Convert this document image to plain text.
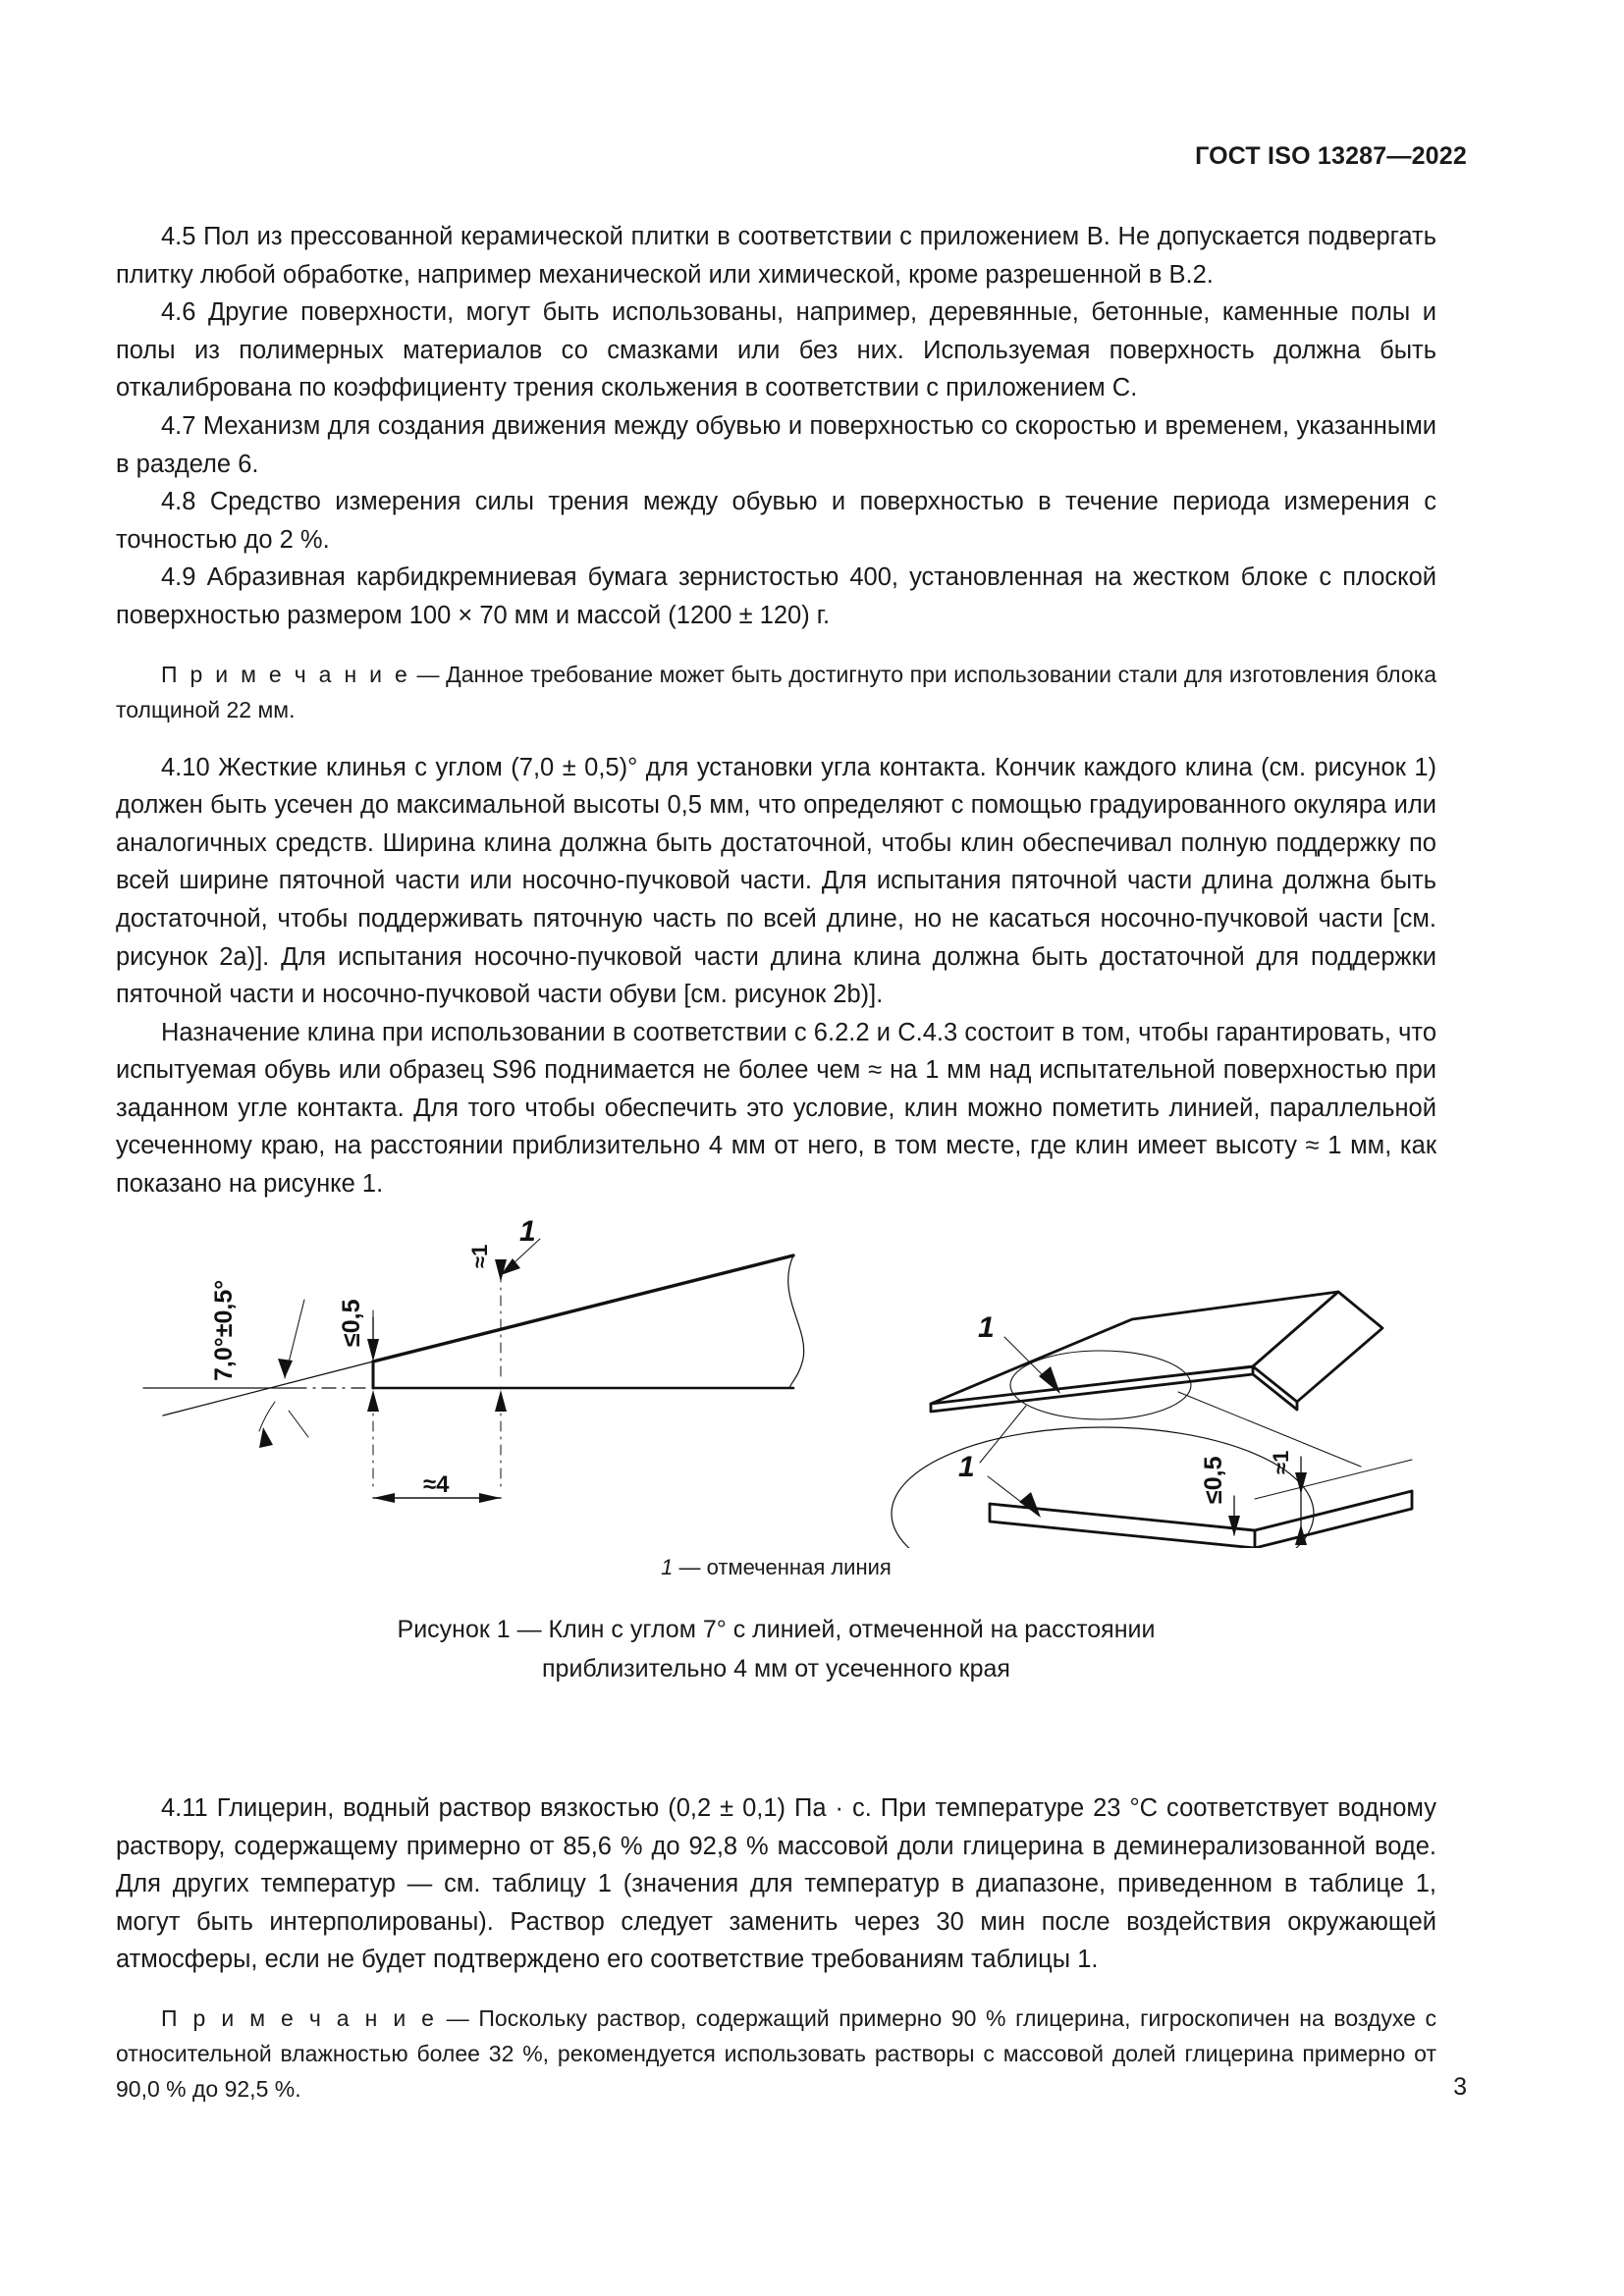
ГОСТ ISO 13287—2022

4.5 Пол из прессованной керамической плитки в соответствии с приложением В. Не допускается подвергать плитку любой обработке, например механической или химической, кроме разрешенной в В.2.

4.6 Другие поверхности, могут быть использованы, например, деревянные, бетонные, каменные полы и полы из полимерных материалов со смазками или без них. Используемая поверхность должна быть откалибрована по коэффициенту трения скольжения в соответствии с приложением С.

4.7 Механизм для создания движения между обувью и поверхностью со скоростью и временем, указанными в разделе 6.

4.8 Средство измерения силы трения между обувью и поверхностью в течение периода измерения с точностью до 2 %.

4.9 Абразивная карбидкремниевая бумага зернистостью 400, установленная на жестком блоке с плоской поверхностью размером 100 × 70 мм и массой (1200 ± 120) г.

П р и м е ч а н и е — Данное требование может быть достигнуто при использовании стали для изготовления блока толщиной 22 мм.

4.10 Жесткие клинья с углом (7,0 ± 0,5)° для установки угла контакта. Кончик каждого клина (см. рисунок 1) должен быть усечен до максимальной высоты 0,5 мм, что определяют с помощью градуированного окуляра или аналогичных средств. Ширина клина должна быть достаточной, чтобы клин обеспечивал полную поддержку по всей ширине пяточной части или носочно-пучковой части. Для испытания пяточной части длина должна быть достаточной, чтобы поддерживать пяточную часть по всей длине, но не касаться носочно-пучковой части [см. рисунок 2a)]. Для испытания носочно-пучковой части длина клина должна быть достаточной для поддержки пяточной части и носочно-пучковой части обуви [см. рисунок 2b)].

Назначение клина при использовании в соответствии с 6.2.2 и С.4.3 состоит в том, чтобы гарантировать, что испытуемая обувь или образец S96 поднимается не более чем ≈ на 1 мм над испытательной поверхностью при заданном угле контакта. Для того чтобы обеспечить это условие, клин можно пометить линией, параллельной усеченному краю, на расстоянии приблизительно 4 мм от него, в том месте, где клин имеет высоту ≈ 1 мм, как показано на рисунке 1.

7,0°±0,5°	≤0,5
≈1
1
≈4
1
1	≤0,5 ≈1
1 — отмеченная линия
Рисунок 1 — Клин с углом 7° с линией, отмеченной на расстоянии
приблизительно 4 мм от усеченного края

4.11 Глицерин, водный раствор вязкостью (0,2 ± 0,1) Па · с. При температуре 23 °С соответствует водному раствору, содержащему примерно от 85,6 % до 92,8 % массовой доли глицерина в деминерализованной воде. Для других температур — см. таблицу 1 (значения для температур в диапазоне, приведенном в таблице 1, могут быть интерполированы). Раствор следует заменить через 30 мин после воздействия окружающей атмосферы, если не будет подтверждено его соответствие требованиям таблицы 1.

П р и м е ч а н и е — Поскольку раствор, содержащий примерно 90 % глицерина, гигроскопичен на воздухе с относительной влажностью более 32 %, рекомендуется использовать растворы с массовой долей глицерина примерно от 90,0 % до 92,5 %.	3
